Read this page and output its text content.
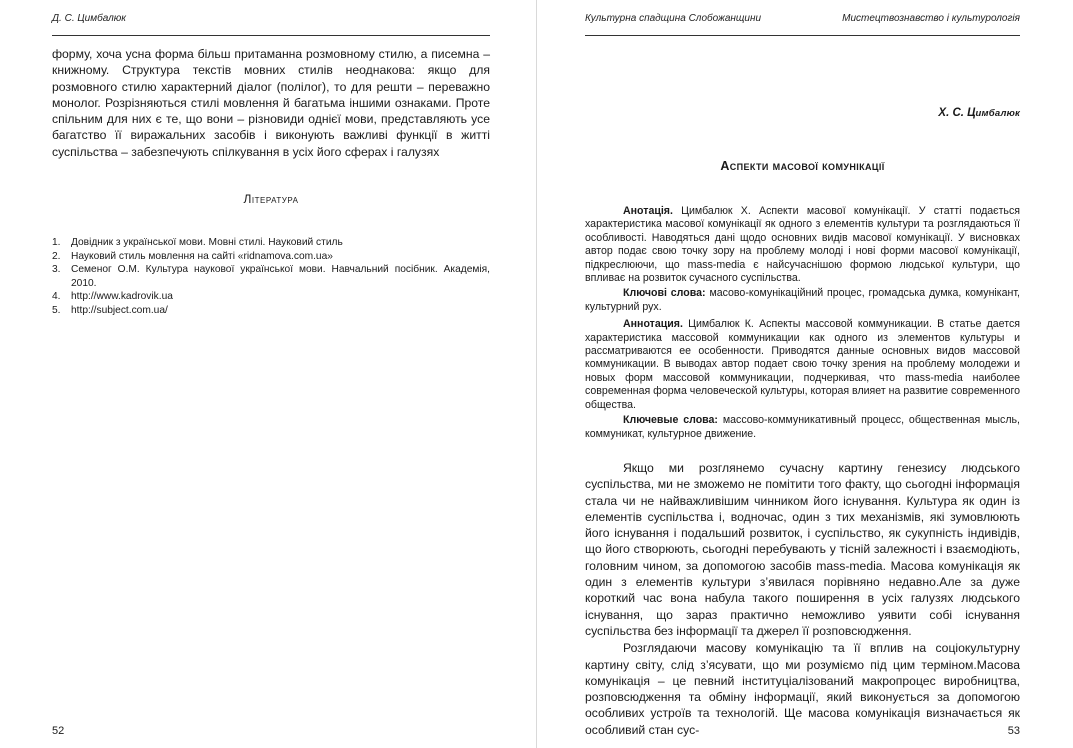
Д. С. Цимбалюк

форму, хоча усна форма більш притаманна розмовному стилю, а писемна – книжному. Структура текстів мовних стилів неоднакова: якщо для розмовного стилю характерний діалог (полілог), то для решти – переважно монолог. Розрізняються стилі мовлення й багатьма іншими ознаками. Проте спільним для них є те, що вони – різновиди однієї мови, представляють усе багатство її виражальних засобів і виконують важливі функції в житті суспільства – забезпечують спілкування в усіх його сферах і галузях

Література
1. Довідник з української мови. Мовні стилі. Науковий стиль
2. Науковий стиль мовлення на сайті «ridnamova.com.ua»
3. Семеног О.М. Культура наукової української мови. Навчальний посібник. Академія, 2010.
4. http://www.kadrovik.ua
5. http://subject.com.ua/
52
Культурна спадщина Слобожанщини	Мистецтвознавство і культурологія
Х. С. Цимбалюк
Аспекти масової комунікації

Анотація. Цимбалюк Х. Аспекти масової комунікації. У статті подається характеристика масової комунікації як одного з елементів культури та розглядаються її особливості. Наводяться дані щодо основних видів масової комунікації. У висновках автор подає свою точку зору на проблему молоді і нові форми масової комунікації, підкреслюючи, що mass-media є найсучаснішою формою людської культури, що впливає на розвиток сучасного суспільства.

Ключові слова: масово-комунікаційний процес, громадська думка, комунікант, культурний рух.

Аннотация. Цимбалюк К. Аспекты массовой коммуникации. В статье дается характеристика массовой коммуникации как одного из элементов культуры и рассматриваются ее особенности. Приводятся данные основных видов массовой коммуникации. В выводах автор подает свою точку зрения на проблему молодежи и новых форм массовой коммуникации, подчеркивая, что mass-media наиболее современная форма человеческой культуры, которая влияет на развитие современного общества.

Ключевые слова: массово-коммуникативный процесс, общественная мысль, коммуникат, культурное движение.

Якщо ми розглянемо сучасну картину генезису людського суспільства, ми не зможемо не помітити того факту, що сьогодні інформація стала чи не найважливішим чинником його існування. Культура як один із елементів суспільства і, водночас, один з тих механізмів, які зумовлюють його існування і подальший розвиток, і суспільство, як сукупність індивідів, що його створюють, сьогодні перебувають у тісній залежності і взаємодіють, головним чином, за допомогою засобів mass-media. Масова комунікація як один з елементів культури з’явилася порівняно недавно.Але за дуже короткий час вона набула такого поширення в усіх галузях людського існування, що зараз практично неможливо уявити собі існування суспільства без інформації та джерел її розповсюдження.

Розглядаючи масову комунікацію та її вплив на соціокультурну картину світу, слід з’ясувати, що ми розуміємо під цим терміном.Масова комунікація – це певний інституціалізований макропроцес виробництва, розповсюдження та обміну інформації, який виконується за допомогою особливих устроїв та технологій. Ще масова комунікація визначається як особливий стан сус-	53
